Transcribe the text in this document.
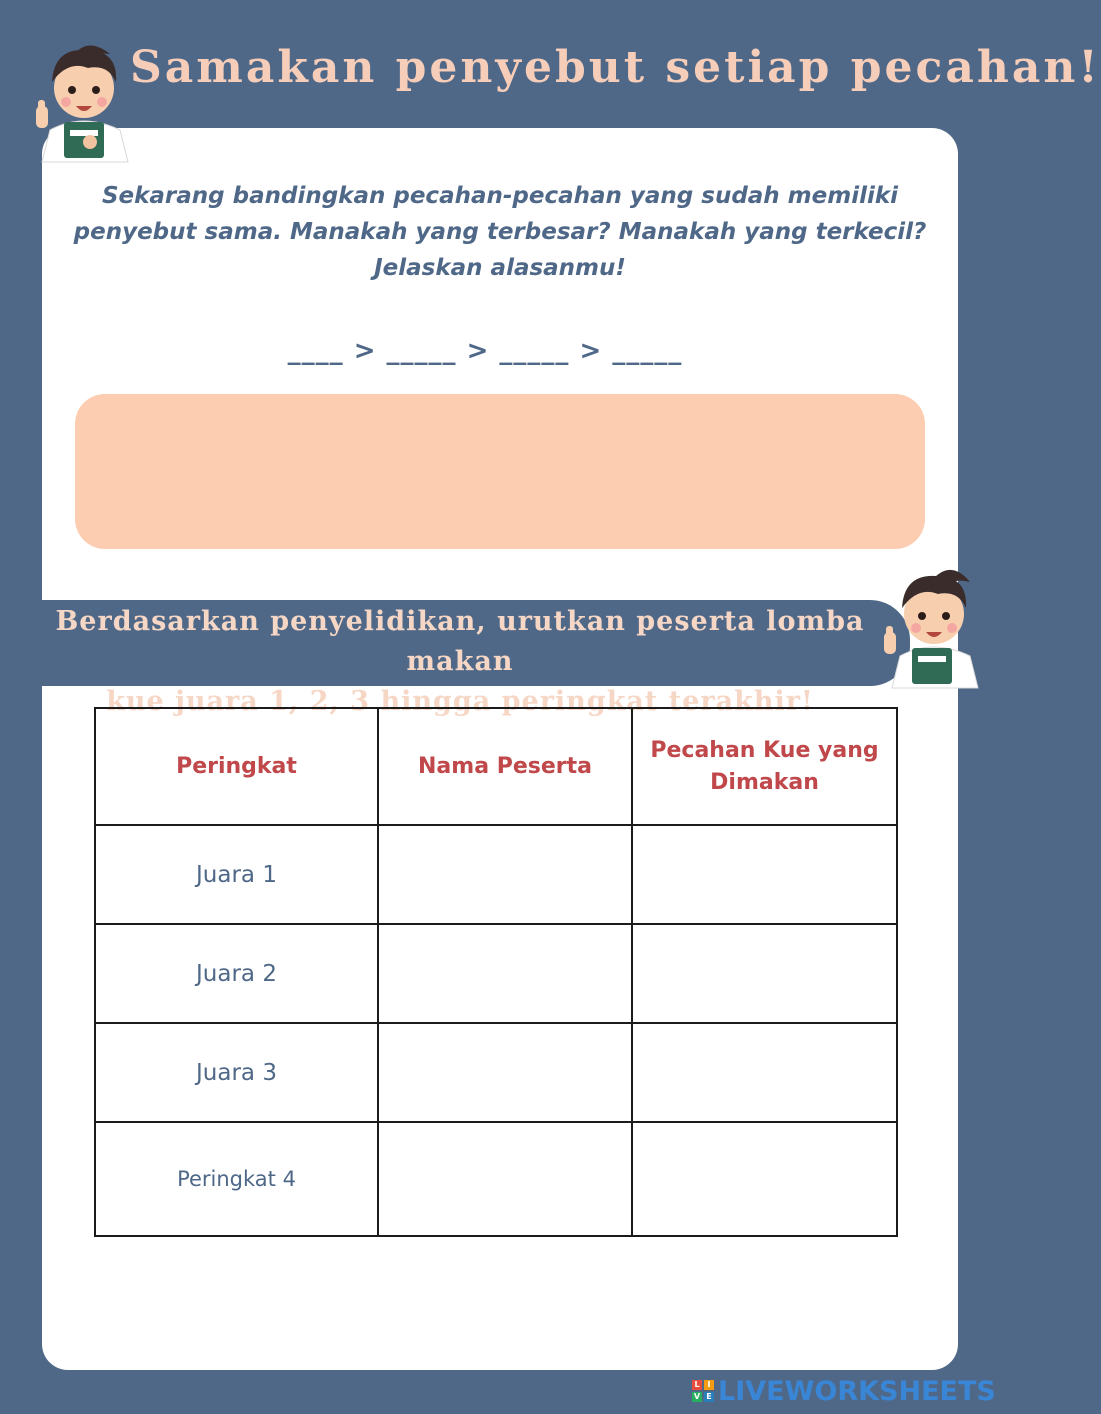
Samakan penyebut setiap pecahan!
Sekarang bandingkan pecahan-pecahan yang sudah memiliki
penyebut sama. Manakah yang terbesar? Manakah yang terkecil?
Jelaskan alasanmu!
____ > _____ > _____ > _____
Berdasarkan penyelidikan, urutkan peserta lomba makan
kue juara 1, 2, 3 hingga peringkat terakhir!
Peringkat	Nama Peserta	Pecahan Kue yang
Dimakan

Juara 1		
Juara 2		
Juara 3		
Peringkat 4		
L I
V E LIVEWORKSHEETS
